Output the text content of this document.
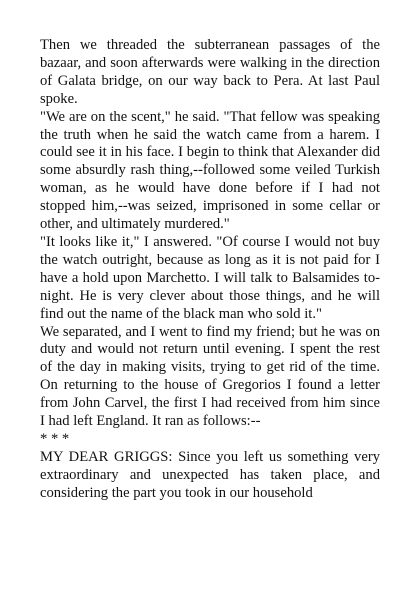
Then we threaded the subterranean passages of the bazaar, and soon afterwards were walking in the direction of Galata bridge, on our way back to Pera. At last Paul spoke.

"We are on the scent," he said. "That fellow was speaking the truth when he said the watch came from a harem. I could see it in his face. I begin to think that Alexander did some absurdly rash thing,--followed some veiled Turkish woman, as he would have done before if I had not stopped him,--was seized, imprisoned in some cellar or other, and ultimately murdered."

"It looks like it," I answered. "Of course I would not buy the watch outright, because as long as it is not paid for I have a hold upon Marchetto. I will talk to Balsamides to-night. He is very clever about those things, and he will find out the name of the black man who sold it."

We separated, and I went to find my friend; but he was on duty and would not return until evening. I spent the rest of the day in making visits, trying to get rid of the time. On returning to the house of Gregorios I found a letter from John Carvel, the first I had received from him since I had left England. It ran as follows:--

* * *

MY DEAR GRIGGS: Since you left us something very extraordinary and unexpected has taken place, and considering the part you took in our household
